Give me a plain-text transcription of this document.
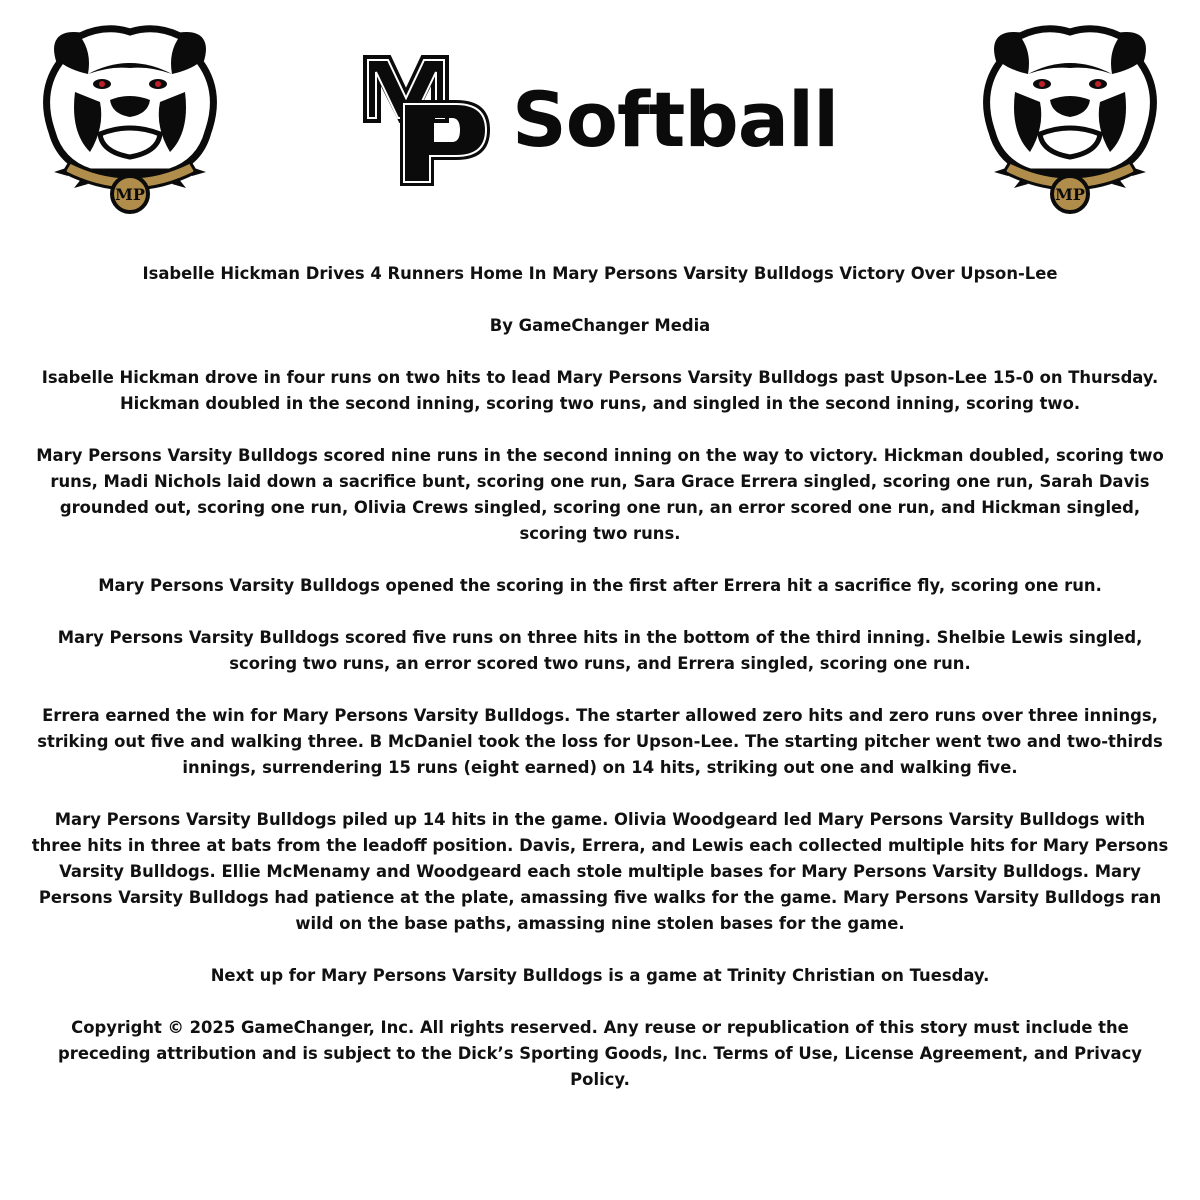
MP
Softball
MP

Isabelle Hickman Drives 4 Runners Home In Mary Persons Varsity Bulldogs Victory Over Upson-Lee

By GameChanger Media

Isabelle Hickman drove in four runs on two hits to lead Mary Persons Varsity Bulldogs past Upson-Lee 15-0 on Thursday. Hickman doubled in the second inning, scoring two runs, and singled in the second inning, scoring two.

Mary Persons Varsity Bulldogs scored nine runs in the second inning on the way to victory. Hickman doubled, scoring two runs, Madi Nichols laid down a sacrifice bunt, scoring one run, Sara Grace Errera singled, scoring one run, Sarah Davis grounded out, scoring one run, Olivia Crews singled, scoring one run, an error scored one run, and Hickman singled, scoring two runs.

Mary Persons Varsity Bulldogs opened the scoring in the first after Errera hit a sacrifice fly, scoring one run.

Mary Persons Varsity Bulldogs scored five runs on three hits in the bottom of the third inning. Shelbie Lewis singled, scoring two runs, an error scored two runs, and Errera singled, scoring one run.

Errera earned the win for Mary Persons Varsity Bulldogs. The starter allowed zero hits and zero runs over three innings, striking out five and walking three. B McDaniel took the loss for Upson-Lee. The starting pitcher went two and two-thirds innings, surrendering 15 runs (eight earned) on 14 hits, striking out one and walking five.

Mary Persons Varsity Bulldogs piled up 14 hits in the game. Olivia Woodgeard led Mary Persons Varsity Bulldogs with three hits in three at bats from the leadoff position. Davis, Errera, and Lewis each collected multiple hits for Mary Persons Varsity Bulldogs. Ellie McMenamy and Woodgeard each stole multiple bases for Mary Persons Varsity Bulldogs. Mary Persons Varsity Bulldogs had patience at the plate, amassing five walks for the game. Mary Persons Varsity Bulldogs ran wild on the base paths, amassing nine stolen bases for the game.

Next up for Mary Persons Varsity Bulldogs is a game at Trinity Christian on Tuesday.

Copyright © 2025 GameChanger, Inc. All rights reserved. Any reuse or republication of this story must include the preceding attribution and is subject to the Dick’s Sporting Goods, Inc. Terms of Use, License Agreement, and Privacy Policy.
